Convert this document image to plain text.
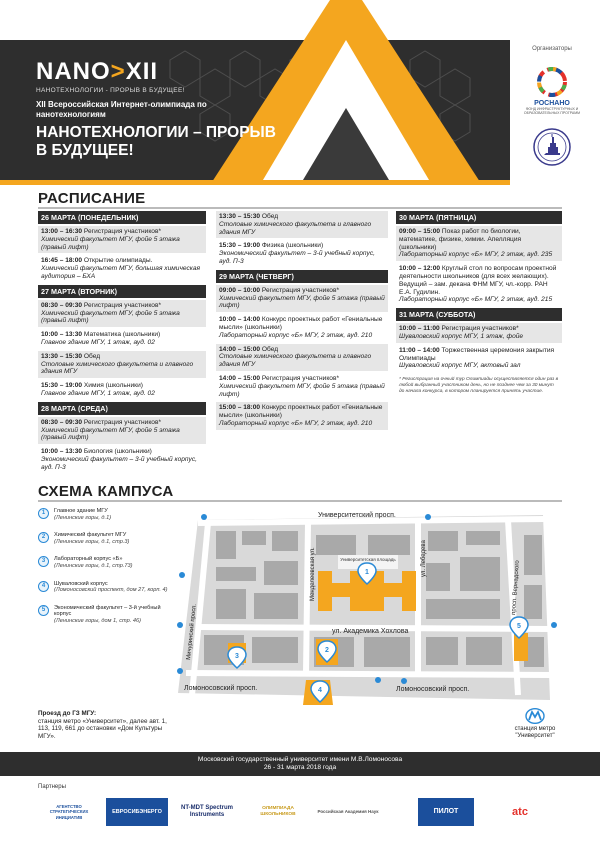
NANO>XII
НАНОТЕХНОЛОГИИ - ПРОРЫВ В БУДУЩЕЕ!
XII Всероссийская Интернет-олимпиада по нанотехнологиям
НАНОТЕХНОЛОГИИ – ПРОРЫВ В БУДУЩЕЕ!
Организаторы
РОСНАНО
ФОНД ИНФРАСТРУКТУРНЫХ И ОБРАЗОВАТЕЛЬНЫХ ПРОГРАММ
РАСПИСАНИЕ
26 МАРТА (ПОНЕДЕЛЬНИК)
13:00 – 16:30 Регистрация участников*
Химический факультет МГУ, фойе 5 этажа (правый лифт)
16:45 – 18:00 Открытие олимпиады.
Химический факультет МГУ, большая химическая аудитория – БХА
27 МАРТА (ВТОРНИК)
08:30 – 09:30 Регистрация участников*
Химический факультет МГУ, фойе 5 этажа (правый лифт)
10:00 – 13:30 Математика (школьники)
Главное здание МГУ, 1 этаж, ауд. 02
13:30 – 15:30 Обед
Столовые химического факультета и главного здания МГУ
15:30 – 19:00 Химия (школьники)
Главное здание МГУ, 1 этаж, ауд. 02
28 МАРТА (СРЕДА)
08:30 – 09:30 Регистрация участников*
Химический факультет МГУ, фойе 5 этажа (правый лифт)
10:00 – 13:30 Биология (школьники)
Экономический факультет – 3-й учебный корпус, ауд. П-3
13:30 – 15:30 Обед
Столовые химического факультета и главного здания МГУ
15:30 – 19:00 Физика (школьники)
Экономический факультет – 3-й учебный корпус, ауд. П-3
29 МАРТА (ЧЕТВЕРГ)
09:00 – 10:00 Регистрация участников*
Химический факультет МГУ, фойе 5 этажа (правый лифт)
10:00 – 14:00 Конкурс проектных работ «Гениальные мысли» (школьники)
Лабораторный корпус «Б» МГУ, 2 этаж, ауд. 210
14:00 – 15:00 Обед
Столовые химического факультета и главного здания МГУ
14:00 – 15:00 Регистрация участников*
Химический факультет МГУ, фойе 5 этажа (правый лифт)
15:00 – 18:00 Конкурс проектных работ «Гениальные мысли» (школьники)
Лабораторный корпус «Б» МГУ, 2 этаж, ауд. 210
30 МАРТА (ПЯТНИЦА)
09:00 – 15:00 Показ работ по биологии, математике, физике, химии. Апелляция (школьники)
Лабораторный корпус «Б» МГУ, 2 этаж, ауд. 235
10:00 – 12:00 Круглый стол по вопросам проектной деятельности школьников (для всех желающих). Ведущий – зам. декана ФНМ МГУ, чл.-корр. РАН Е.А. Гудилин.
Лабораторный корпус «Б» МГУ, 2 этаж, ауд. 215
31 МАРТА (СУББОТА)
10:00 – 11:00 Регистрация участников*
Шуваловский корпус МГУ, 1 этаж, фойе
11:00 – 14:00 Торжественная церемония закрытия Олимпиады
Шуваловский корпус МГУ, актовый зал
* Регистрация на очный тур Олимпиады осуществляется один раз в любой выбранный участником день, но не позднее чем за 30 минут до начала конкурса, в котором планируется принять участие.
СХЕМА КАМПУСА
1	Главное здание МГУ
(Ленинские горы, д.1)
2	Химический факультет МГУ
(Ленинские горы, д.1, стр.3)
3	Лабораторный корпус «Б»
(Ленинские горы, д.1, стр.73)
4	Шуваловский корпус
(Ломоносовский проспект, дом 27, корп. 4)
5	Экономический факультет – 3-й учебный корпус
(Ленинские горы, дом 1, стр. 46)
Университетская площадь
Университетский просп.
Ломоносовский просп.	Ломоносовский просп.
ул. Академика Хохлова
Мичуринский просп.
Менделеевская ул.	ул. Лебедева
просп. Вернадского
1
2
3
4
5
Проезд до ГЗ МГУ:
станция метро «Университет», далее авт. 1, 113, 119, 661 до остановки «Дом Культуры МГУ».
станция метро "Университет"
Московский государственный университет имени М.В.Ломоносова
26 - 31 марта 2018 года
Партнеры
АГЕНТСТВО СТРАТЕГИЧЕСКИХ ИНИЦИАТИВ
ЕВРОСИБЭНЕРГО
NT-MDT Spectrum Instruments
ОЛИМПИАДА ШКОЛЬНИКОВ
Российская Академия Наук	ПИЛОТ	atc
